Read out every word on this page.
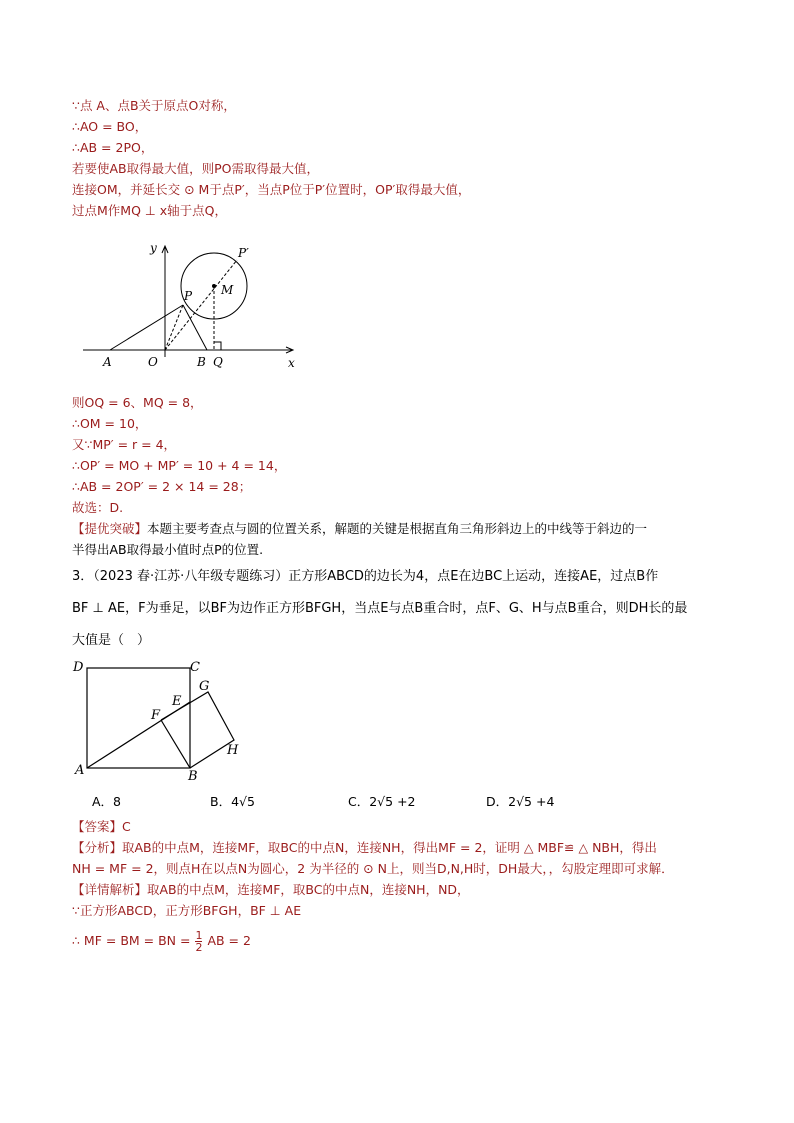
∵点 A、点B关于原点O对称，
∴AO = BO，
∴AB = 2PO，
若要使AB取得最大值，则PO需取得最大值，
连接OM，并延长交 ⊙ M于点P′，当点P位于P′位置时，OP′取得最大值，
过点M作MQ ⊥ x轴于点Q，
y
x
O
A	B Q
P
P′
M
则OQ = 6、MQ = 8，
∴OM = 10，
又∵MP′ = r = 4，
∴OP′ = MO + MP′ = 10 + 4 = 14，
∴AB = 2OP′ = 2 × 14 = 28；
故选：D.
【提优突破】本题主要考查点与圆的位置关系，解题的关键是根据直角三角形斜边上的中线等于斜边的一
半得出AB取得最小值时点P的位置.
3．（2023 春·江苏·八年级专题练习）正方形ABCD的边长为4，点E在边BC上运动，连接AE，过点B作
BF ⊥ AE，F为垂足，以BF为边作正方形BFGH，当点E与点B重合时，点F、G、H与点B重合，则DH长的最
大值是（　）
D	C
A	B
E
F
G
H
A．8	B．4√5	C．2√5 +2	D．2√5 +4
【答案】C
【分析】取AB的中点M，连接MF，取BC的中点N，连接NH，得出MF = 2，证明 △ MBF≌ △ NBH，得出
NH = MF = 2，则点H在以点N为圆心，2 为半径的 ⊙ N上，则当D,N,H时，DH最大，，勾股定理即可求解．
【详情解析】取AB的中点M，连接MF，取BC的中点N，连接NH，ND，
∵正方形ABCD，正方形BFGH，BF ⊥ AE
∴ MF = BM = BN = $\frac{1}{2}$ AB = 2
